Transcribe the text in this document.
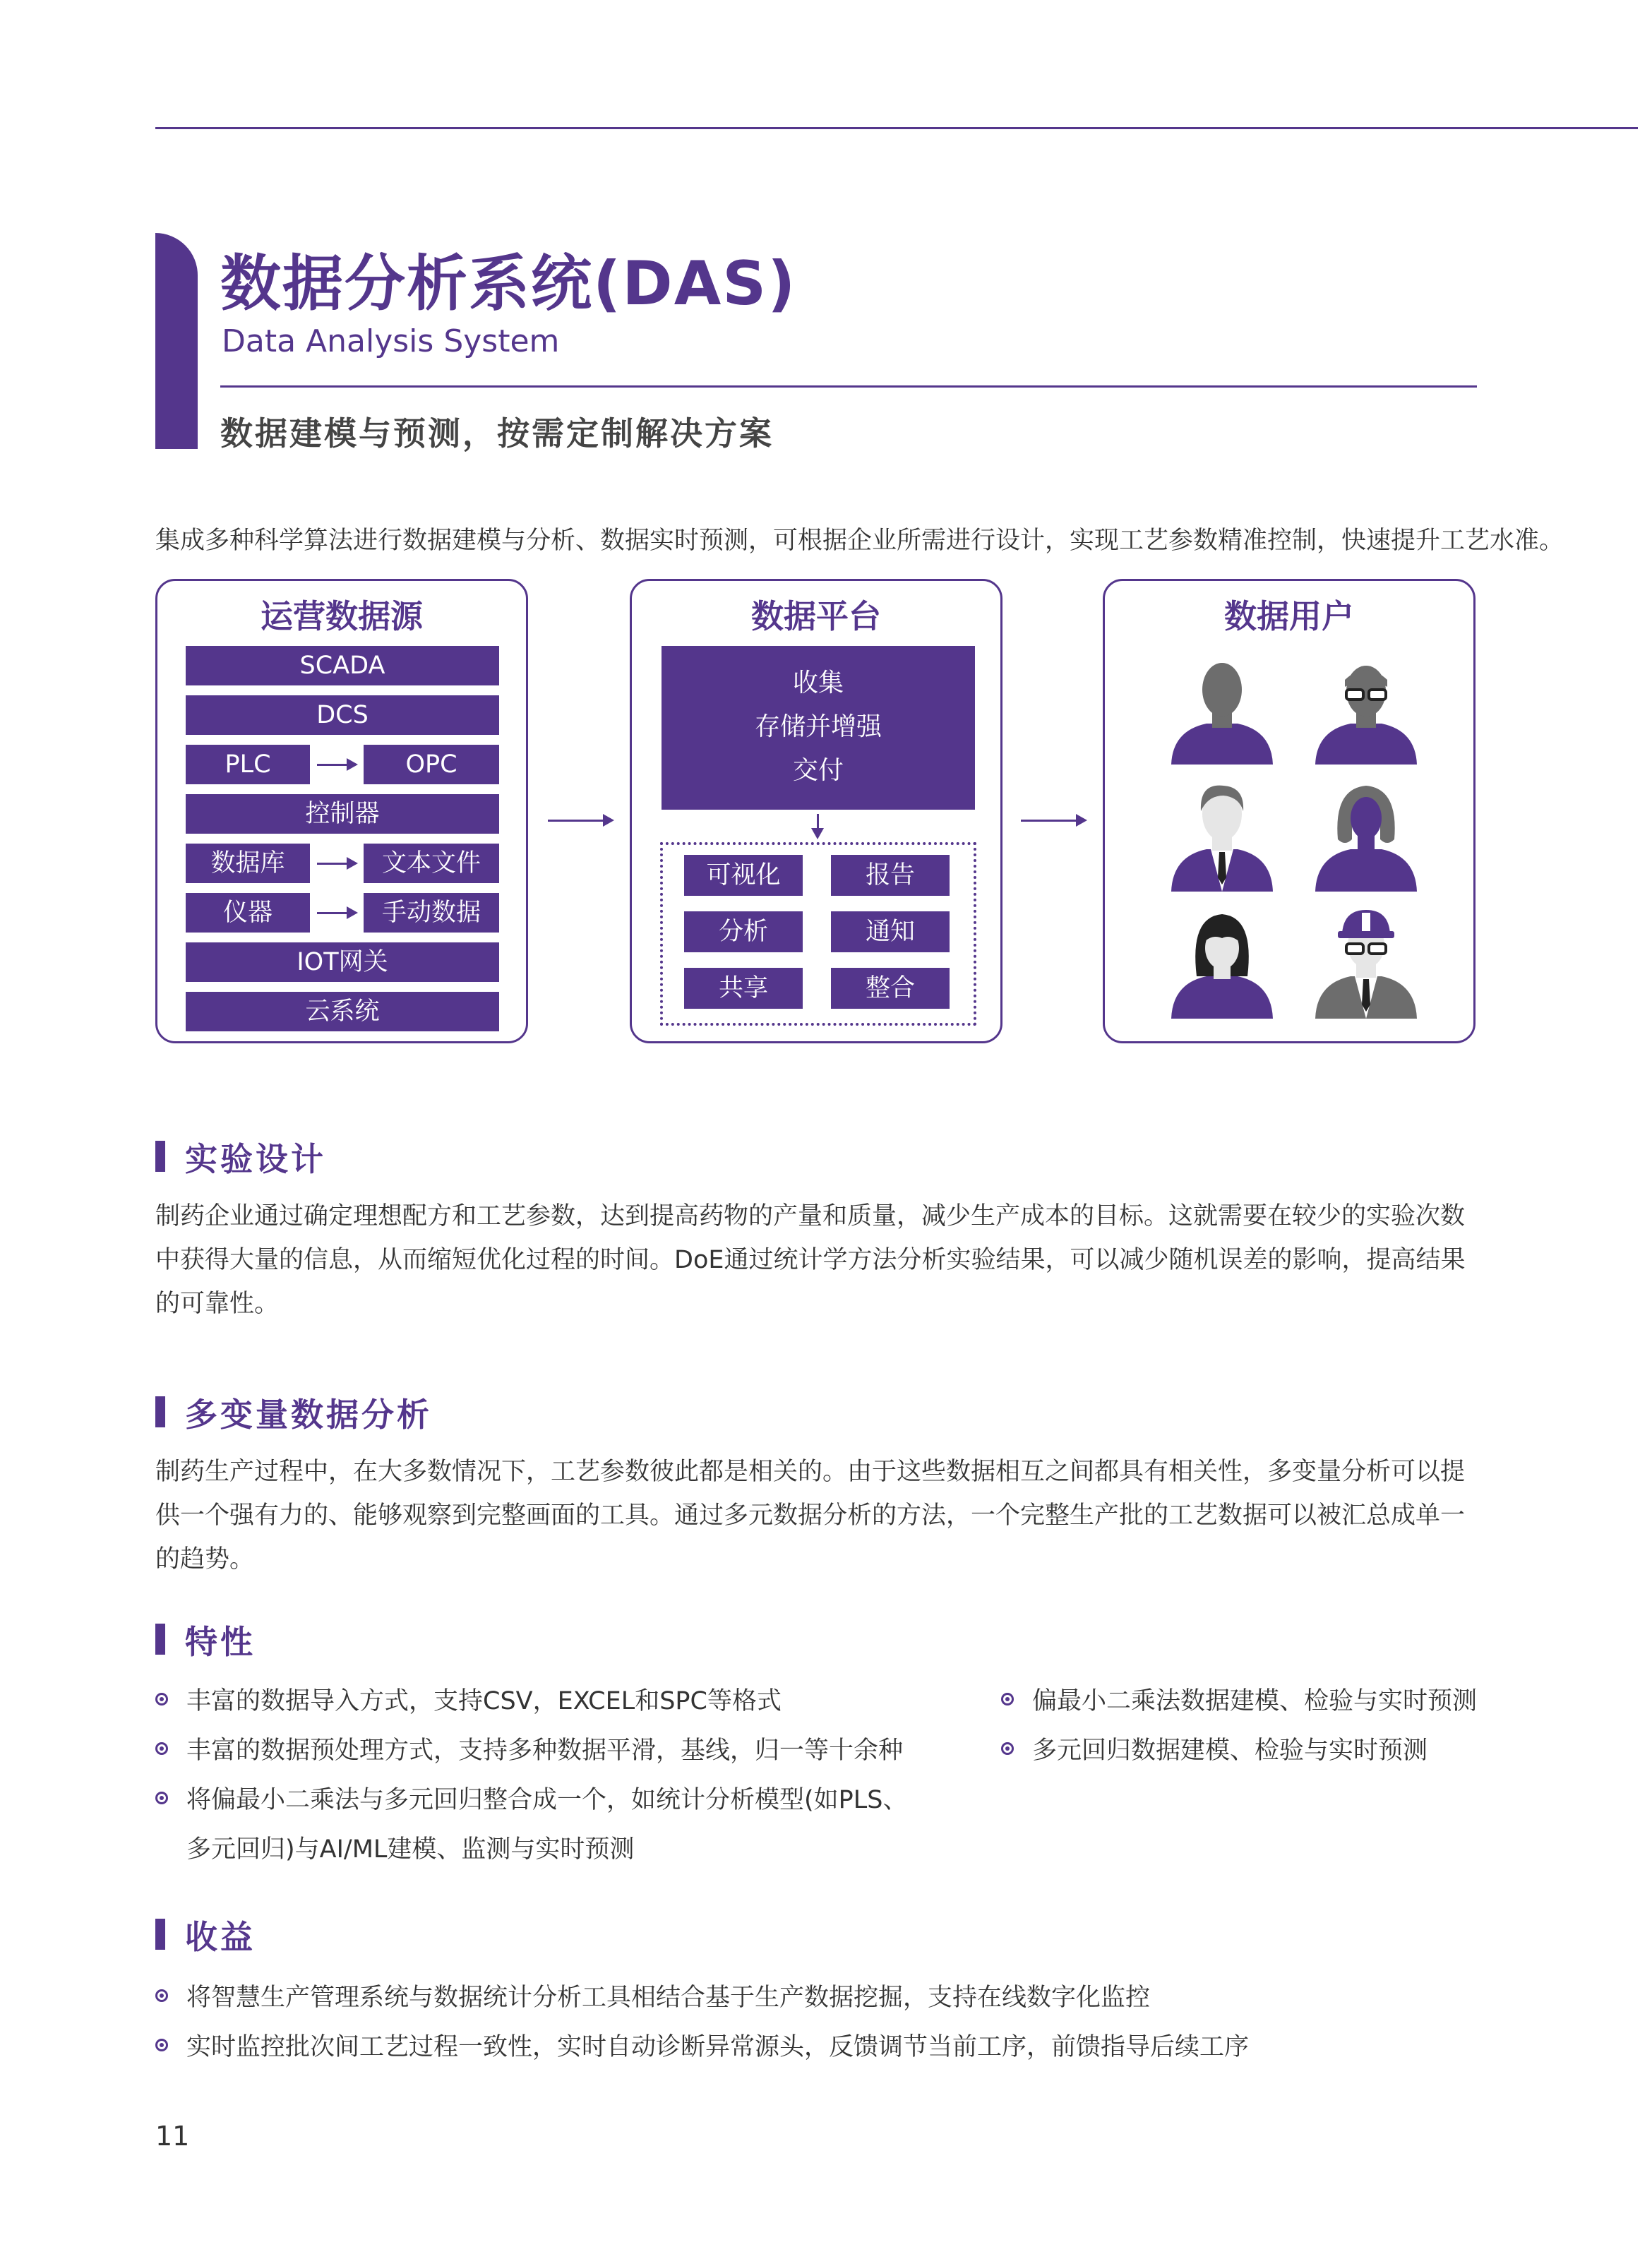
数据分析系统(DAS)
Data Analysis System
数据建模与预测，按需定制解决方案
集成多种科学算法进行数据建模与分析、数据实时预测，可根据企业所需进行设计，实现工艺参数精准控制，快速提升工艺水准。
运营数据源
SCADA
DCS
PLC	OPC
控制器
数据库	文本文件
仪器	手动数据
IOT网关
云系统
数据平台
收集
存储并增强
交付
可视化	报告
分析	通知
共享	整合
数据用户
实验设计
制药企业通过确定理想配方和工艺参数，达到提高药物的产量和质量，减少生产成本的目标。这就需要在较少的实验次数
中获得大量的信息，从而缩短优化过程的时间。DoE通过统计学方法分析实验结果，可以减少随机误差的影响，提高结果
的可靠性。
多变量数据分析
制药生产过程中，在大多数情况下，工艺参数彼此都是相关的。由于这些数据相互之间都具有相关性，多变量分析可以提
供一个强有力的、能够观察到完整画面的工具。通过多元数据分析的方法，一个完整生产批的工艺数据可以被汇总成单一
的趋势。
特性
丰富的数据导入方式，支持CSV，EXCEL和SPC等格式
丰富的数据预处理方式，支持多种数据平滑，基线，归一等十余种
将偏最小二乘法与多元回归整合成一个，如统计分析模型(如PLS、
多元回归)与AI/ML建模、监测与实时预测
偏最小二乘法数据建模、检验与实时预测
多元回归数据建模、检验与实时预测
收益
将智慧生产管理系统与数据统计分析工具相结合基于生产数据挖掘，支持在线数字化监控
实时监控批次间工艺过程一致性，实时自动诊断异常源头，反馈调节当前工序，前馈指导后续工序
11
